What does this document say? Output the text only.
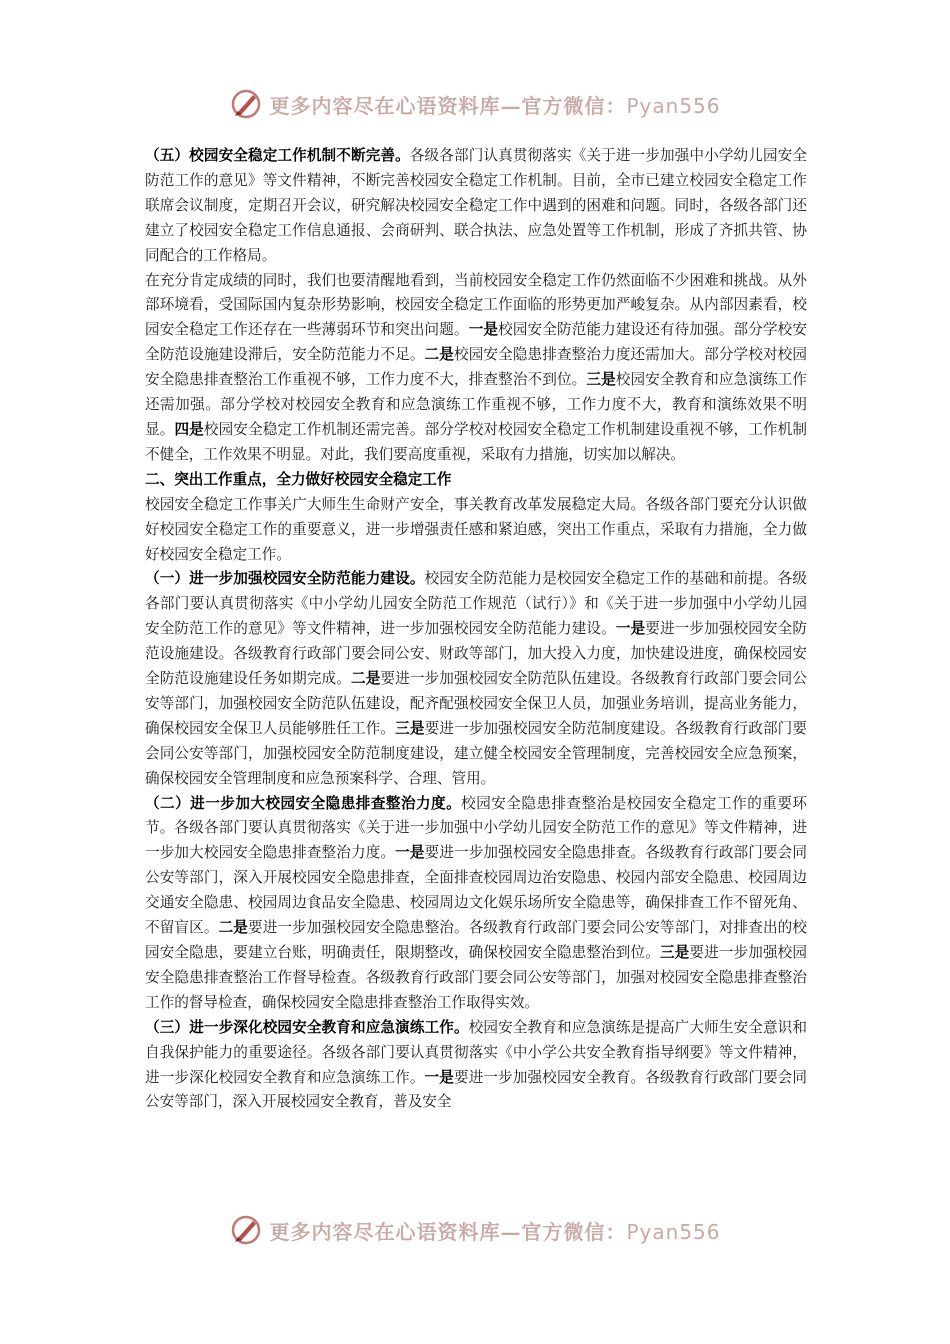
更多内容尽在心语资料库—官方微信：Pyan556

（五）校园安全稳定工作机制不断完善。各级各部门认真贯彻落实《关于进一步加强中小学幼儿园安全防范工作的意见》等文件精神，不断完善校园安全稳定工作机制。目前，全市已建立校园安全稳定工作联席会议制度，定期召开会议，研究解决校园安全稳定工作中遇到的困难和问题。同时，各级各部门还建立了校园安全稳定工作信息通报、会商研判、联合执法、应急处置等工作机制，形成了齐抓共管、协同配合的工作格局。

在充分肯定成绩的同时，我们也要清醒地看到，当前校园安全稳定工作仍然面临不少困难和挑战。从外部环境看，受国际国内复杂形势影响，校园安全稳定工作面临的形势更加严峻复杂。从内部因素看，校园安全稳定工作还存在一些薄弱环节和突出问题。一是校园安全防范能力建设还有待加强。部分学校安全防范设施建设滞后，安全防范能力不足。二是校园安全隐患排查整治力度还需加大。部分学校对校园安全隐患排查整治工作重视不够，工作力度不大，排查整治不到位。三是校园安全教育和应急演练工作还需加强。部分学校对校园安全教育和应急演练工作重视不够，工作力度不大，教育和演练效果不明显。四是校园安全稳定工作机制还需完善。部分学校对校园安全稳定工作机制建设重视不够，工作机制不健全，工作效果不明显。对此，我们要高度重视，采取有力措施，切实加以解决。

二、突出工作重点，全力做好校园安全稳定工作

校园安全稳定工作事关广大师生生命财产安全，事关教育改革发展稳定大局。各级各部门要充分认识做好校园安全稳定工作的重要意义，进一步增强责任感和紧迫感，突出工作重点，采取有力措施，全力做好校园安全稳定工作。

（一）进一步加强校园安全防范能力建设。校园安全防范能力是校园安全稳定工作的基础和前提。各级各部门要认真贯彻落实《中小学幼儿园安全防范工作规范（试行）》和《关于进一步加强中小学幼儿园安全防范工作的意见》等文件精神，进一步加强校园安全防范能力建设。一是要进一步加强校园安全防范设施建设。各级教育行政部门要会同公安、财政等部门，加大投入力度，加快建设进度，确保校园安全防范设施建设任务如期完成。二是要进一步加强校园安全防范队伍建设。各级教育行政部门要会同公安等部门，加强校园安全防范队伍建设，配齐配强校园安全保卫人员，加强业务培训，提高业务能力，确保校园安全保卫人员能够胜任工作。三是要进一步加强校园安全防范制度建设。各级教育行政部门要会同公安等部门，加强校园安全防范制度建设，建立健全校园安全管理制度，完善校园安全应急预案，确保校园安全管理制度和应急预案科学、合理、管用。

（二）进一步加大校园安全隐患排查整治力度。校园安全隐患排查整治是校园安全稳定工作的重要环节。各级各部门要认真贯彻落实《关于进一步加强中小学幼儿园安全防范工作的意见》等文件精神，进一步加大校园安全隐患排查整治力度。一是要进一步加强校园安全隐患排查。各级教育行政部门要会同公安等部门，深入开展校园安全隐患排查，全面排查校园周边治安隐患、校园内部安全隐患、校园周边交通安全隐患、校园周边食品安全隐患、校园周边文化娱乐场所安全隐患等，确保排查工作不留死角、不留盲区。二是要进一步加强校园安全隐患整治。各级教育行政部门要会同公安等部门，对排查出的校园安全隐患，要建立台账，明确责任，限期整改，确保校园安全隐患整治到位。三是要进一步加强校园安全隐患排查整治工作督导检查。各级教育行政部门要会同公安等部门，加强对校园安全隐患排查整治工作的督导检查，确保校园安全隐患排查整治工作取得实效。

（三）进一步深化校园安全教育和应急演练工作。校园安全教育和应急演练是提高广大师生安全意识和自我保护能力的重要途径。各级各部门要认真贯彻落实《中小学公共安全教育指导纲要》等文件精神，进一步深化校园安全教育和应急演练工作。一是要进一步加强校园安全教育。各级教育行政部门要会同公安等部门，深入开展校园安全教育，普及安全

更多内容尽在心语资料库—官方微信：Pyan556
